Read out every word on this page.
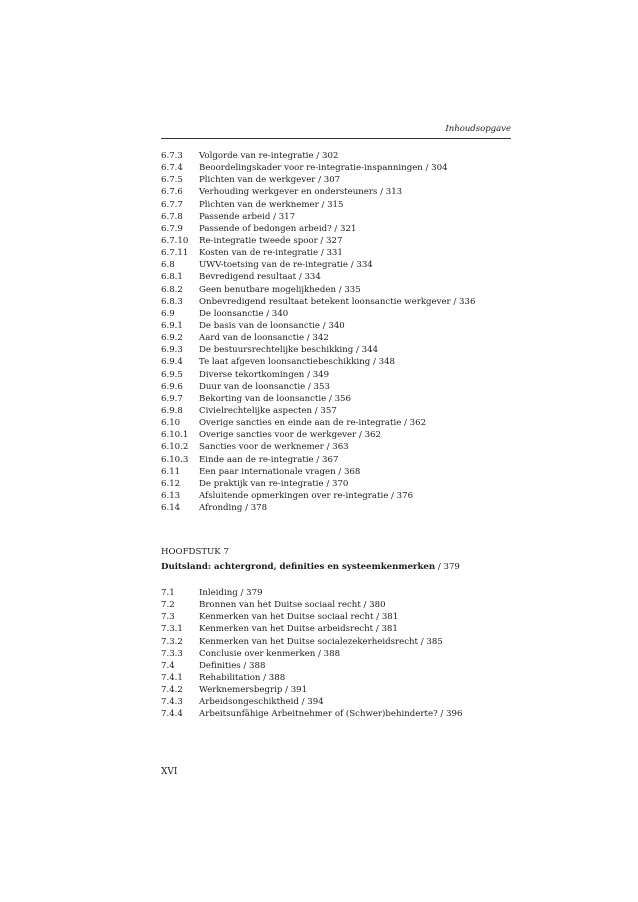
Inhoudsopgave
6.7.3	Volgorde van re-integratie / 302
6.7.4	Beoordelingskader voor re-integratie-inspanningen / 304
6.7.5	Plichten van de werkgever / 307
6.7.6	Verhouding werkgever en ondersteuners / 313
6.7.7	Plichten van de werknemer / 315
6.7.8	Passende arbeid / 317
6.7.9	Passende of bedongen arbeid? / 321
6.7.10	Re-integratie tweede spoor / 327
6.7.11	Kosten van de re-integratie / 331
6.8	UWV-toetsing van de re-integratie / 334
6.8.1	Bevredigend resultaat / 334
6.8.2	Geen benutbare mogelijkheden / 335
6.8.3	Onbevredigend resultaat betekent loonsanctie werkgever / 336
6.9	De loonsanctie / 340
6.9.1	De basis van de loonsanctie / 340
6.9.2	Aard van de loonsanctie / 342
6.9.3	De bestuursrechtelijke beschikking / 344
6.9.4	Te laat afgeven loonsanctiebeschikking / 348
6.9.5	Diverse tekortkomingen / 349
6.9.6	Duur van de loonsanctie / 353
6.9.7	Bekorting van de loonsanctie / 356
6.9.8	Civielrechtelijke aspecten / 357
6.10	Overige sancties en einde aan de re-integratie / 362
6.10.1	Overige sancties voor de werkgever / 362
6.10.2	Sancties voor de werknemer / 363
6.10.3	Einde aan de re-integratie / 367
6.11	Een paar internationale vragen / 368
6.12	De praktijk van re-integratie / 370
6.13	Afsluitende opmerkingen over re-integratie / 376
6.14	Afronding / 378
HOOFDSTUK 7
Duitsland: achtergrond, definities en systeemkenmerken / 379
7.1	Inleiding / 379
7.2	Bronnen van het Duitse sociaal recht / 380
7.3	Kenmerken van het Duitse sociaal recht / 381
7.3.1	Kenmerken van het Duitse arbeidsrecht / 381
7.3.2	Kenmerken van het Duitse socialezekerheidsrecht / 385
7.3.3	Conclusie over kenmerken / 388
7.4	Definities / 388
7.4.1	Rehabilitation / 388
7.4.2	Werknemersbegrip / 391
7.4.3	Arbeidsongeschiktheid / 394
7.4.4	Arbeitsunfähige Arbeitnehmer of (Schwer)behinderte? / 396
XVI
